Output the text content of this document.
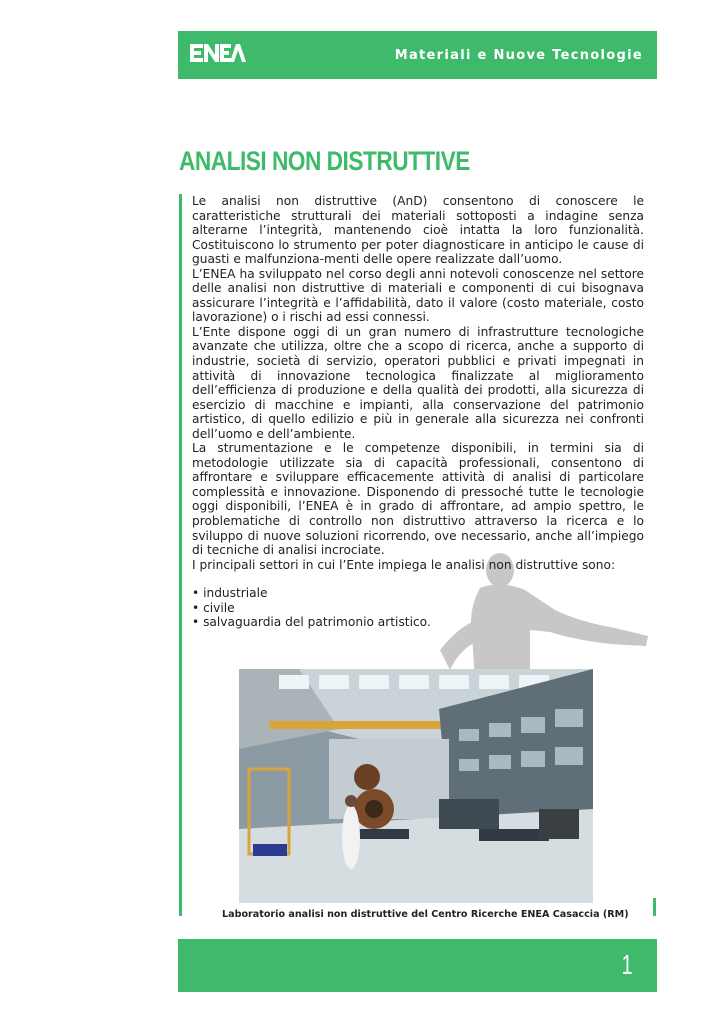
Materiali e Nuove Tecnologie
ANALISI NON DISTRUTTIVE

Le analisi non distruttive (AnD) consentono di conoscere le caratteristiche strutturali dei materiali sottoposti a indagine senza alterarne l’integrità, mantenendo cioè intatta la loro funzionalità. Costituiscono lo strumento per poter diagnosticare in anticipo le cause di guasti e malfunziona-menti delle opere realizzate dall’uomo.

L’ENEA ha sviluppato nel corso degli anni notevoli conoscenze nel settore delle analisi non distruttive di materiali e componenti di cui bisognava assicurare l’integrità e l’affidabilità, dato il valore (costo materiale, costo lavorazione) o i rischi ad essi connessi.

L’Ente dispone oggi di un gran numero di infrastrutture tecnologiche avanzate che utilizza, oltre che a scopo di ricerca, anche a supporto di industrie, società di servizio, operatori pubblici e privati impegnati in attività di innovazione tecnologica finalizzate al miglioramento dell’efficienza di produzione e della qualità dei prodotti, alla sicurezza di esercizio di macchine e impianti, alla conservazione del patrimonio artistico, di quello edilizio e più in generale alla sicurezza nei confronti dell’uomo e dell’ambiente.

La strumentazione e le competenze disponibili, in termini sia di metodologie utilizzate sia di capacità professionali, consentono di affrontare e sviluppare efficacemente attività di analisi di particolare complessità e innovazione. Disponendo di pressoché tutte le tecnologie oggi disponibili, l’ENEA è in grado di affrontare, ad ampio spettro, le problematiche di controllo non distruttivo attraverso la ricerca e lo sviluppo di nuove soluzioni ricorrendo, ove necessario, anche all’impiego di tecniche di analisi incrociate.

I principali settori in cui l’Ente impiega le analisi non distruttive sono:

• industriale
• civile
• salvaguardia del patrimonio artistico.
Laboratorio analisi non distruttive del Centro Ricerche ENEA Casaccia (RM)
1
